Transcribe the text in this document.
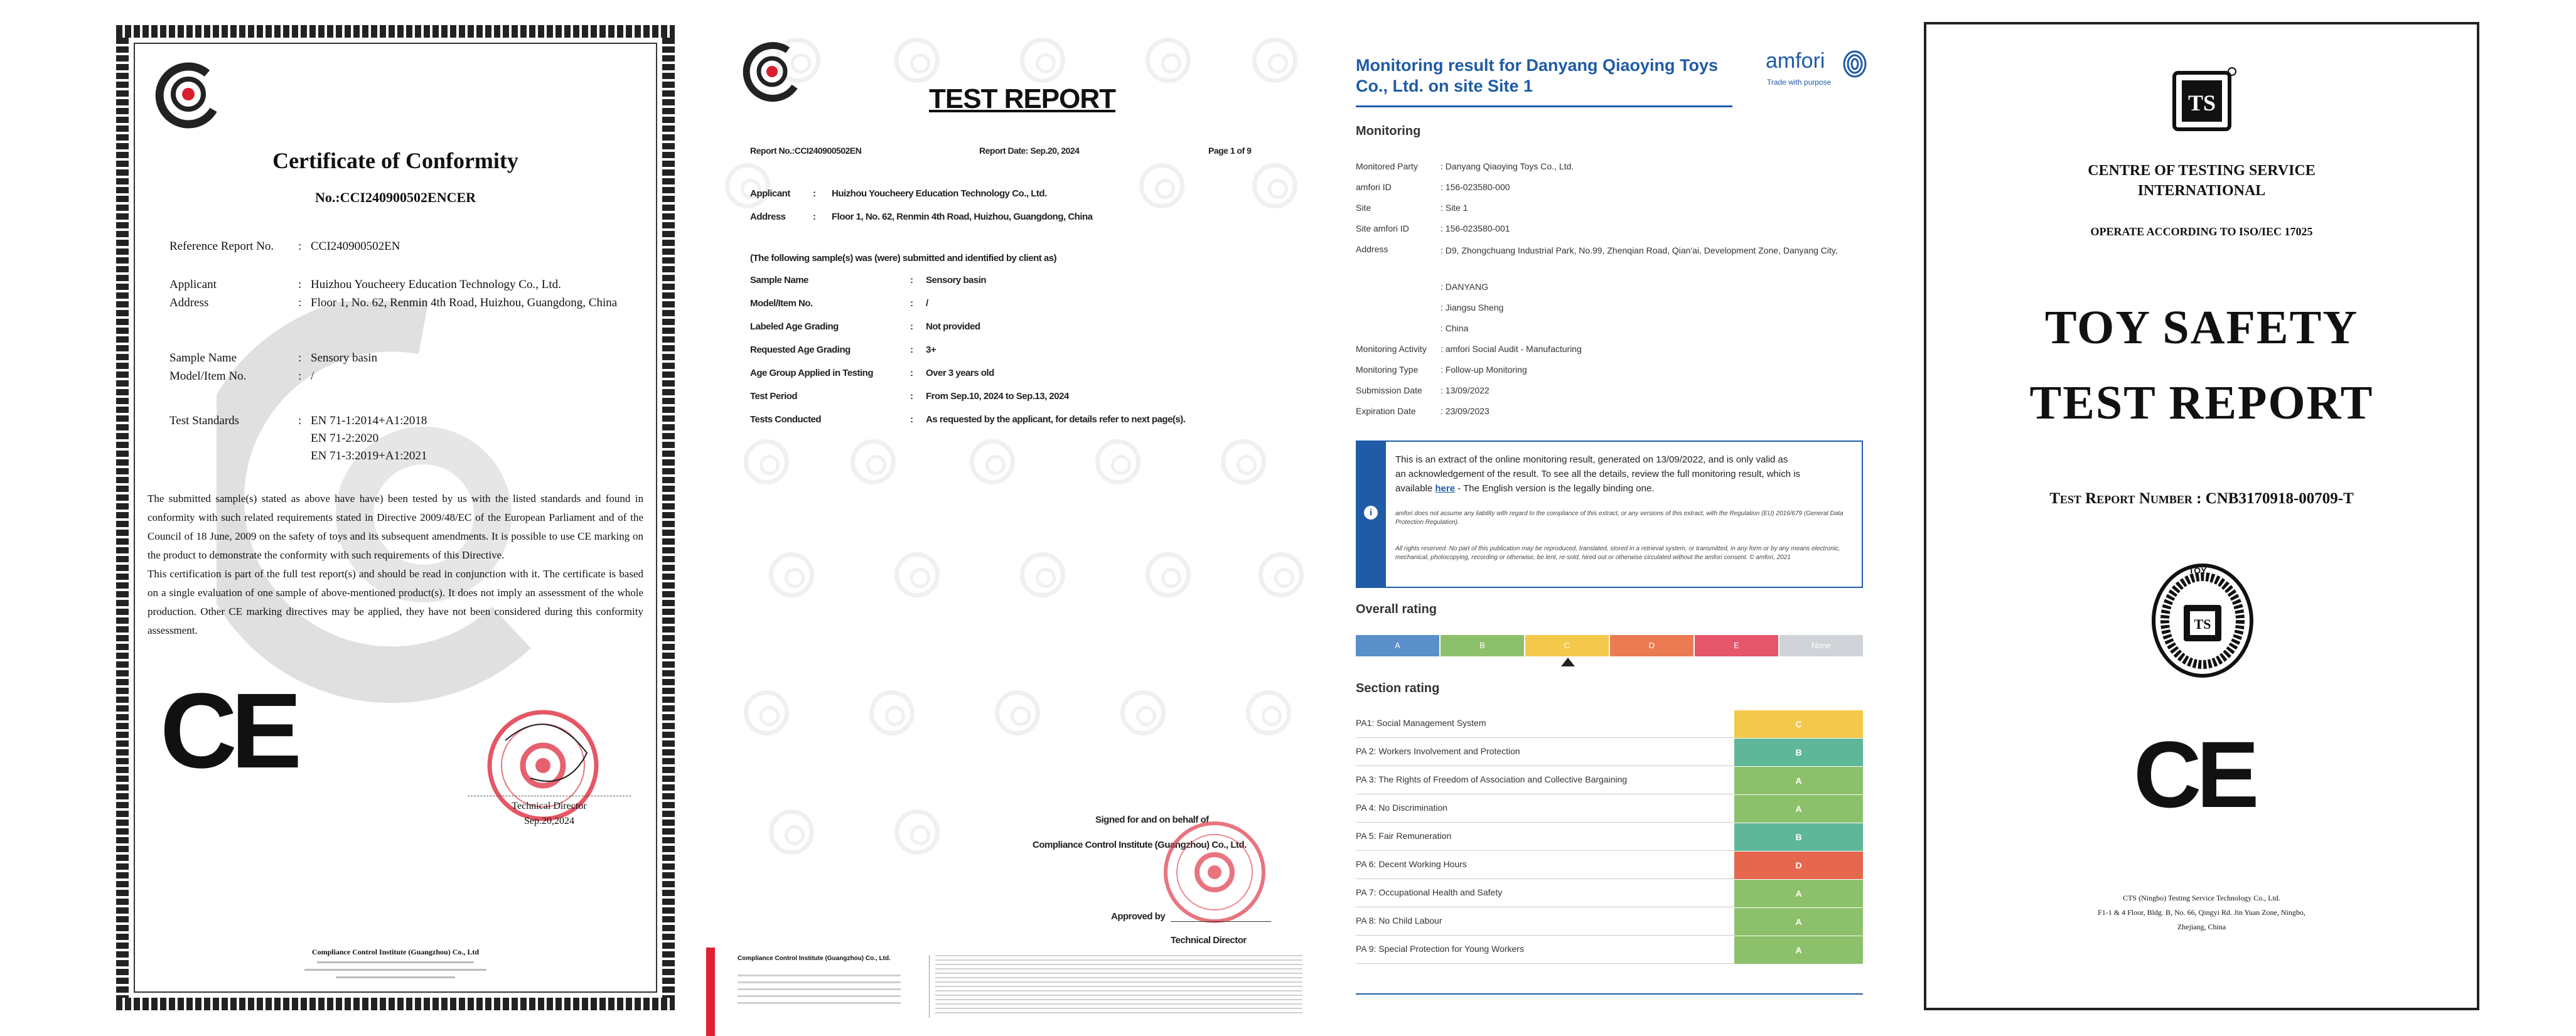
Certificate of Conformity
No.:CCI240900502ENCER
Reference Report No. : CCI240900502EN
Applicant	: Huizhou Youcheery Education Technology Co., Ltd.
Address	: Floor 1, No. 62, Renmin 4th Road, Huizhou, Guangdong, China
Sample Name	: Sensory basin
Model/Item No.	: /
Test Standards	: EN 71-1:2014+A1:2018
EN 71-2:2020
EN 71-3:2019+A1:2021
The submitted sample(s) stated as above have have) been tested by us with the listed standards and found in conformity with such related requirements stated in Directive 2009/48/EC of the European Parliament and of the Council of 18 June, 2009 on the safety of toys and its subsequent amendments. It is possible to use CE marking on the product to demonstrate the conformity with such requirements of this Directive.
This certification is part of the full test report(s) and should be read in conjunction with it. The certificate is based on a single evaluation of one sample of above-mentioned product(s). It does not imply an assessment of the whole production. Other CE marking directives may be applied, they have not been considered during this conformity assessment.
CE
Technical Director
Sep.20,2024
Compliance Control Institute (Guangzhou) Co., Ltd
TEST REPORT
Report No.:CCI240900502EN	Report Date: Sep.20, 2024	Page 1 of 9
Applicant : Huizhou Youcheery Education Technology Co., Ltd.
Address	: Floor 1, No. 62, Renmin 4th Road, Huizhou, Guangdong, China
(The following sample(s) was (were) submitted and identified by client as)
Sample Name	: Sensory basin
Model/Item No.	: /
Labeled Age Grading	: Not provided
Requested Age Grading	: 3+
Age Group Applied in Testing	: Over 3 years old
Test Period	: From Sep.10, 2024 to Sep.13, 2024
Tests Conducted	: As requested by the applicant, for details refer to next page(s).
Signed for and on behalf of
Compliance Control Institute (Guangzhou) Co., Ltd.
Approved by
Technical Director
Compliance Control Institute (Guangzhou) Co., Ltd.
Monitoring result for Danyang Qiaoying Toys Co., Ltd. on site Site 1
amfori
Trade with purpose
Monitoring
Monitored Party	: Danyang Qiaoying Toys Co., Ltd.
amfori ID	: 156-023580-000
Site	: Site 1
Site amfori ID	: 156-023580-001
Address	: D9, Zhongchuang Industrial Park, No.99, Zhenqian Road, Qian'ai, Development Zone, Danyang City,
: DANYANG
: Jiangsu Sheng
: China
Monitoring Activity : amfori Social Audit - Manufacturing
Monitoring Type	: Follow-up Monitoring
Submission Date : 13/09/2022
Expiration Date	: 23/09/2023
i
This is an extract of the online monitoring result, generated on 13/09/2022, and is only valid as
an acknowledgement of the result. To see all the details, review the full monitoring result, which is
available here - The English version is the legally binding one.
amfori does not assume any liability with regard to the compliance of this extract, or any versions of this extract, with the Regulation (EU) 2016/679 (General Data Protection Regulation).
All rights reserved. No part of this publication may be reproduced, translated, stored in a retrieval system, or transmitted, in any form or by any means electronic, mechanical, photocopying, recording or otherwise, be lent, re-sold, hired out or otherwise circulated without the amfori consent. © amfori, 2021
Overall rating
A	B	C	D	E	None
Section rating
PA1: Social Management System	C
PA 2: Workers Involvement and Protection	B
PA 3: The Rights of Freedom of Association and Collective Bargaining	A
PA 4: No Discrimination	A
PA 5: Fair Remuneration	B
PA 6: Decent Working Hours	D
PA 7: Occupational Health and Safety	A
PA 8: No Child Labour	A
PA 9: Special Protection for Young Workers	A
TS
CENTRE OF TESTING SERVICE
INTERNATIONAL
OPERATE ACCORDING TO ISO/IEC 17025
TOY SAFETY
TEST REPORT
Test Report Number : CNB3170918-00709-T
TS
TOY
CE
CTS (Ningbo) Testing Service Technology Co., Ltd.
F1-1 & 4 Floor, Bldg. B, No. 66, Qingyi Rd. Jin Yuan Zone, Ningbo,
Zhejiang, China
